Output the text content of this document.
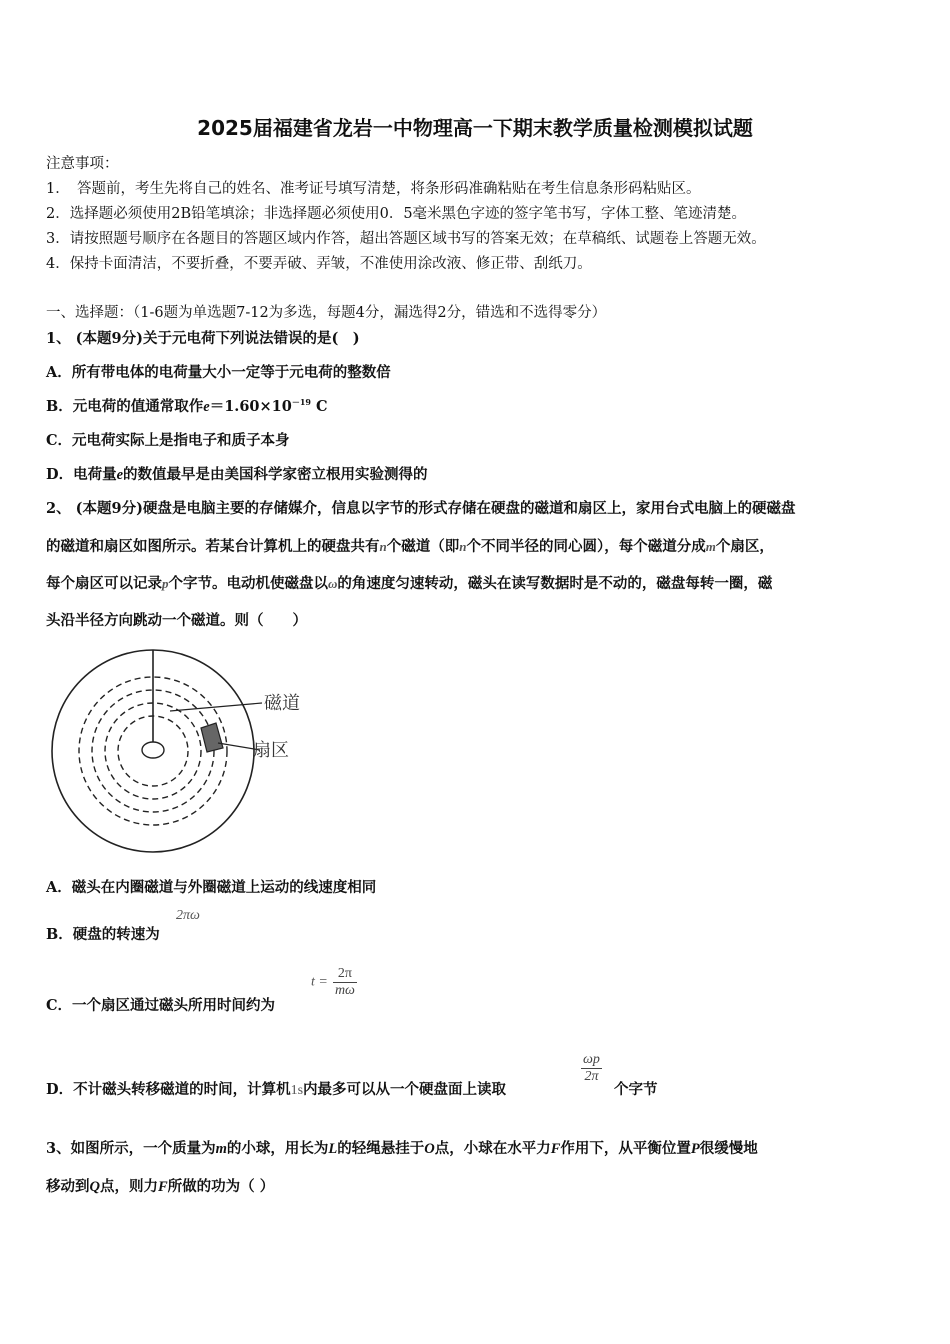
2025届福建省龙岩一中物理高一下期末教学质量检测模拟试题
注意事项：
1．　答题前，考生先将自己的姓名、准考证号填写清楚，将条形码准确粘贴在考生信息条形码粘贴区。
2．选择题必须使用2B铅笔填涂；非选择题必须使用0．5毫米黑色字迹的签字笔书写，字体工整、笔迹清楚。
3．请按照题号顺序在各题目的答题区域内作答，超出答题区域书写的答案无效；在草稿纸、试题卷上答题无效。
4．保持卡面清洁，不要折叠，不要弄破、弄皱，不准使用涂改液、修正带、刮纸刀。
一、选择题：（1-6题为单选题7-12为多选，每题4分，漏选得2分，错选和不选得零分）
1、 (本题9分)关于元电荷下列说法错误的是(　)
A．所有带电体的电荷量大小一定等于元电荷的整数倍
B．元电荷的值通常取作$e=1.60\times 10^{-19}$ C
C．元电荷实际上是指电子和质子本身
D．电荷量e的数值最早是由美国科学家密立根用实验测得的
2、 (本题9分)硬盘是电脑主要的存储媒介，信息以字节的形式存储在硬盘的磁道和扇区上，家用台式电脑上的硬磁盘
的磁道和扇区如图所示。若某台计算机上的硬盘共有n个磁道（即n个不同半径的同心圆），每个磁道分成m个扇区，
每个扇区可以记录p个字节。电动机使磁盘以ω的角速度匀速转动，磁头在读写数据时是不动的，磁盘每转一圈，磁
头沿半径方向跳动一个磁道。则（　　）
磁道
扇区
A．磁头在内圈磁道与外圈磁道上运动的线速度相同
B．硬盘的转速为
2πω
C．一个扇区通过磁头所用时间约为
$t = \frac{2\pi}{m\omega}$
D．不计磁头转移磁道的时间，计算机1s内最多可以从一个硬盘面上读取
$\frac{\omega p}{2\pi}$
个字节
3、如图所示，一个质量为m的小球，用长为L的轻绳悬挂于O点，小球在水平力F作用下，从平衡位置P很缓慢地
移动到Q点，则力F所做的功为（ ）
